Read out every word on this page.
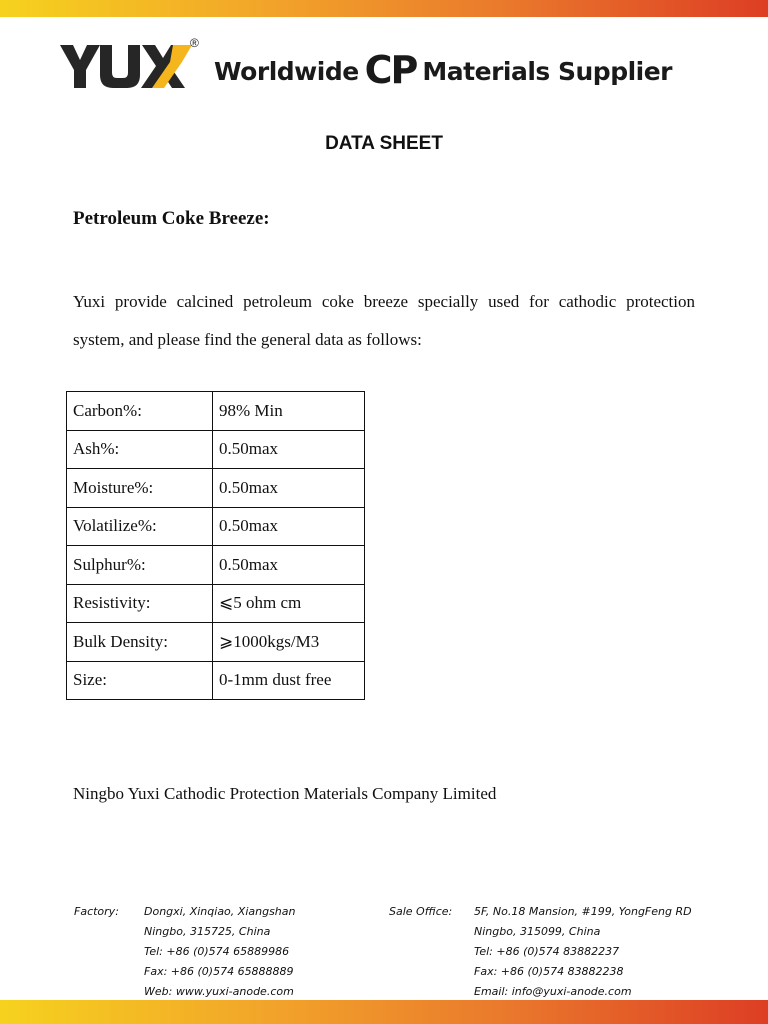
®
Worldwide CP Materials Supplier
DATA SHEET
Petroleum Coke Breeze:

Yuxi provide calcined petroleum coke breeze specially used for cathodic protection system, and please find the general data as follows:

Carbon%:	98% Min
Ash%:	0.50max
Moisture%:	0.50max
Volatilize%:	0.50max
Sulphur%:	0.50max
Resistivity:	⩽5 ohm cm
Bulk Density:	⩾1000kgs/M3
Size:	0-1mm dust free
Ningbo Yuxi Cathodic Protection Materials Company Limited
Factory: Dongxi, Xinqiao, Xiangshan
Ningbo, 315725, China
Tel: +86 (0)574 65889986
Fax: +86 (0)574 65888889
Web: www.yuxi-anode.com
Sale Office: 5F, No.18 Mansion, #199, YongFeng RD
Ningbo, 315099, China
Tel: +86 (0)574 83882237
Fax: +86 (0)574 83882238
Email: info@yuxi-anode.com
